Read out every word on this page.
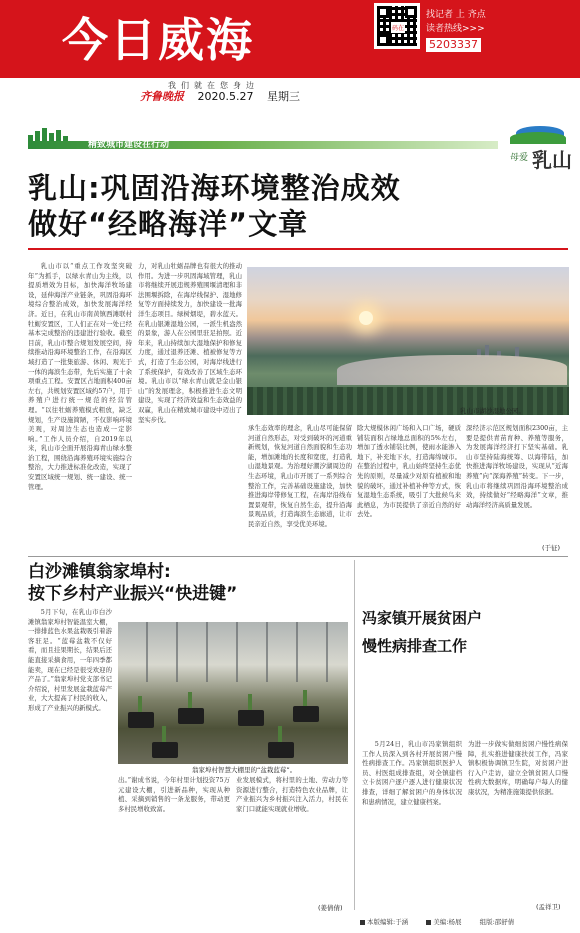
今日威海	码在
找记者 上 齐点
读者热线>>>
5203337
我们就在您身边
齐鲁晚报 2020.5.27 星期三
精致城市建设在行动
母爱 乳山
乳山:巩固沿海环境整治成效
做好“经略海洋”文章
乳山市以“重点工作攻坚突破年”为抓手，以绿水青山为主线，以提质增效为目标，加快海洋牧场建设，延伸海洋产业链条，巩固沿海环境综合整治成效，加快发展海洋经济。近日，在乳山市南黄镇西滩联村牡蛎安置区，工人们正在对一处已经基本完成整治的违建进行验收。截至目前，乳山市整合规划发展空间，持续推动沿海环境整治工作，在沿海区域打造了一批集旅游、休闲、观光于一体的海滨生态带，先后实施了十余项重点工程。安置区占地面积400亩左右，共规划安置区域约57户，用于养殖户进行统一规范的经营管理。“以往牡蛎养殖模式粗放，缺乏规划，生产设施简陋，不仅影响环境美观，对周边生态也造成一定影响。”工作人员介绍，自2019年以来，乳山市全面开展沿海青山绿水整治工程，围绕沿海养殖环境实施综合整治，大力推进标准化改造，实现了安置区域统一规划、统一建设、统一管理。
力，对乳山牡蛎品牌也有很大的推动作用。为进一步巩固海域管理，乳山市将继续开展违规养殖围堰清理和非法围堰拆除，在海岸线保护、湿地修复等方面持续发力，加快建设一批海洋生态项目。绿树烟堤，碧水蓝天。在乳山银滩湿地公园，一派生机盎然的景象，游人在公园里驻足拍照。近年来，乳山持续加大湿地保护和修复力度，通过退养还滩、植被修复等方式，打造了生态公园，对海岸线进行了系统保护，有效改善了区域生态环境。乳山市以“绿水青山就是金山银山”的发展理念，积极推进生态文明建设，实现了经济效益和生态效益的双赢，乳山在精致城市建设中迈出了坚实步伐。
乳山市湖沙湿地公园。
承生态效率的理念，乳山尽可能保留河道自然形态，对受到破坏的河道重新规划，恢复河道自然面貌和生态功能，增加滩地的长度和宽度，打造乳山湿地景观。为治理好潮汐湖周边的生态环境，乳山市开展了一系列综合整治工作，完善基础设施建设，加快推进海岸带修复工程，在海岸沿线布置景观带，恢复自然生态，提升沿海景观品质，打造海滨生态廊道，让市民亲近自然，享受优美环境。
除大规模休闲广场和入口广场，硬质铺装面积占绿地总面积的5%左右，增加了透水铺装比例，使雨水能渗入地下，补充地下水，打造海绵城市。在整治过程中，乳山始终坚持生态优先的原则，尽量减少对原有植被和地貌的破坏，通过补植补种等方式，恢复湿地生态系统，吸引了大批候鸟来此栖息，为市民提供了亲近自然的好去处。
深经济示范区规划面积2300亩，主要是提供青苗育种、养殖等服务，为发展海洋经济打下坚实基础。乳山市坚持陆海统筹、以海带陆，加快推进海洋牧场建设，实现从“近海养殖”向“深海养殖”转变。下一步，乳山市将继续巩固沿海环境整治成效，持续做好“经略海洋”文章，推动海洋经济高质量发展。
(于征)
白沙滩镇翁家埠村:
按下乡村产业振兴“快进键”
5月下旬，在乳山市白沙滩镇翁家埠村智能温室大棚，一排排蓝色水果盆栽吸引着游客驻足。“蓝莓盆栽不仅好看，而且挂果期长，结果后还能直接采摘食用，一年四季都能卖，现在已经是很受欢迎的产品了。”翁家埠村党支部书记介绍说，村里发展盆栽蓝莓产业，大大提高了村民的收入，形成了产业振兴的新模式。
翁家埠村智慧大棚里的“盆栽蓝莓”。
出。”谢成书说，今年村里计划投资75万元建设大棚，引进新品种，实现从种植、采摘到销售的一条龙服务，带动更多村民增收致富。
业发展模式，将村里的土地、劳动力等资源进行整合，打造特色农业品牌，让产业振兴为乡村振兴注入活力，村民在家门口就能实现就业增收。
(姜倩倩)
冯家镇开展贫困户
慢性病排查工作
5月24日，乳山市冯家镇组织工作人员深入到各村开展贫困户慢性病排查工作。冯家镇组织医护人员、村医组成排查组，对全镇建档立卡贫困户逐户逐人进行健康状况排查，详细了解贫困户的身体状况和患病情况，建立健康档案。
为进一步做实做细贫困户慢性病保障，扎实推进健康扶贫工作，冯家镇积极协调镇卫生院，对贫困户进行入户走访，建立全镇贫困人口慢性病大数据库，明确每户每人的健康状况，为精准施策提供依据。
(孟祥卫)
本版编辑:于涵	美编:杨展	组版:邵舒倩
